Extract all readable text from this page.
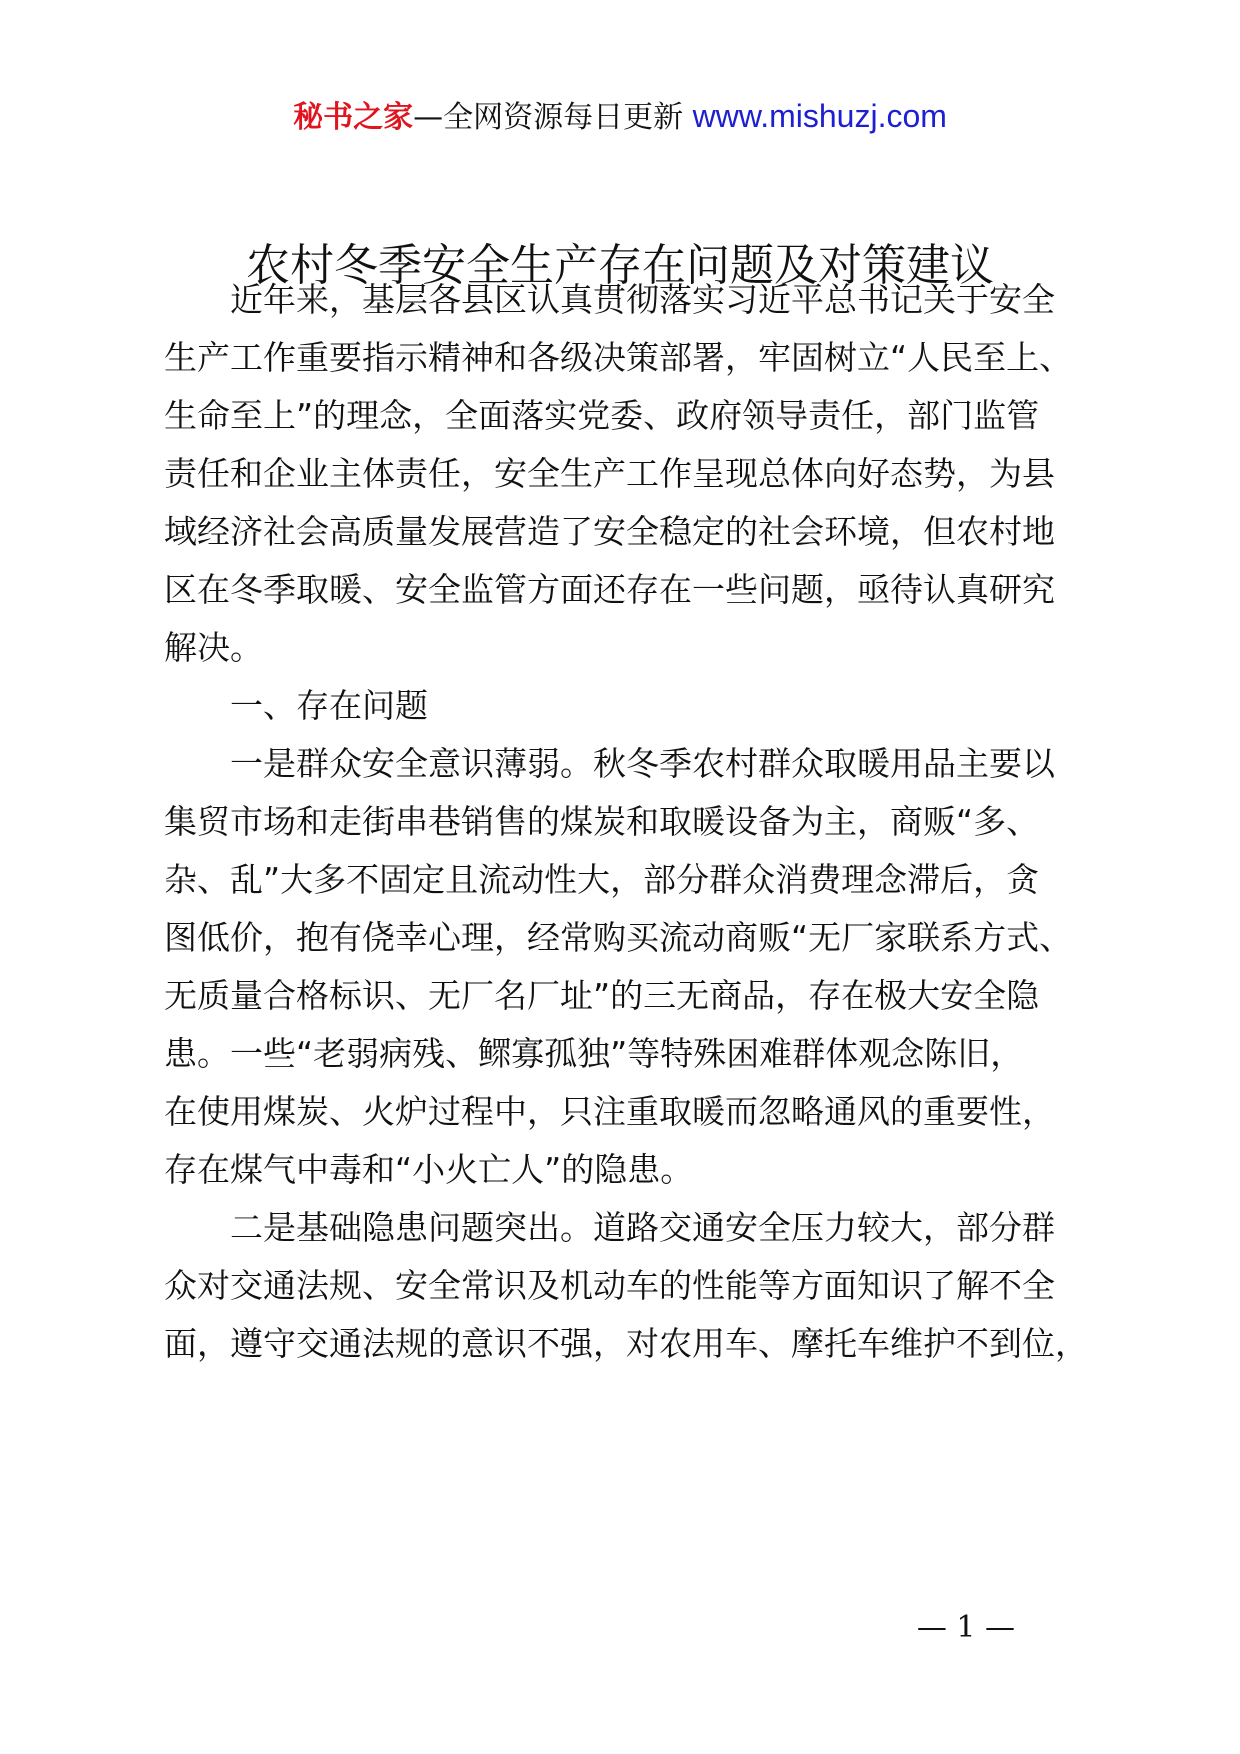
秘书之家—全网资源每日更新 www.mishuzj.com
农村冬季安全生产存在问题及对策建议
近年来，基层各县区认真贯彻落实习近平总书记关于安全
生产工作重要指示精神和各级决策部署，牢固树立“人民至上、
生命至上”的理念，全面落实党委、政府领导责任，部门监管
责任和企业主体责任，安全生产工作呈现总体向好态势，为县
域经济社会高质量发展营造了安全稳定的社会环境，但农村地
区在冬季取暖、安全监管方面还存在一些问题，亟待认真研究
解决。
一、存在问题
一是群众安全意识薄弱。秋冬季农村群众取暖用品主要以
集贸市场和走街串巷销售的煤炭和取暖设备为主，商贩“多、
杂、乱”大多不固定且流动性大，部分群众消费理念滞后，贪
图低价，抱有侥幸心理，经常购买流动商贩“无厂家联系方式、
无质量合格标识、无厂名厂址”的三无商品，存在极大安全隐
患。一些“老弱病残、鳏寡孤独”等特殊困难群体观念陈旧，
在使用煤炭、火炉过程中，只注重取暖而忽略通风的重要性，
存在煤气中毒和“小火亡人”的隐患。
二是基础隐患问题突出。道路交通安全压力较大，部分群
众对交通法规、安全常识及机动车的性能等方面知识了解不全
面，遵守交通法规的意识不强，对农用车、摩托车维护不到位，
— 1 —
